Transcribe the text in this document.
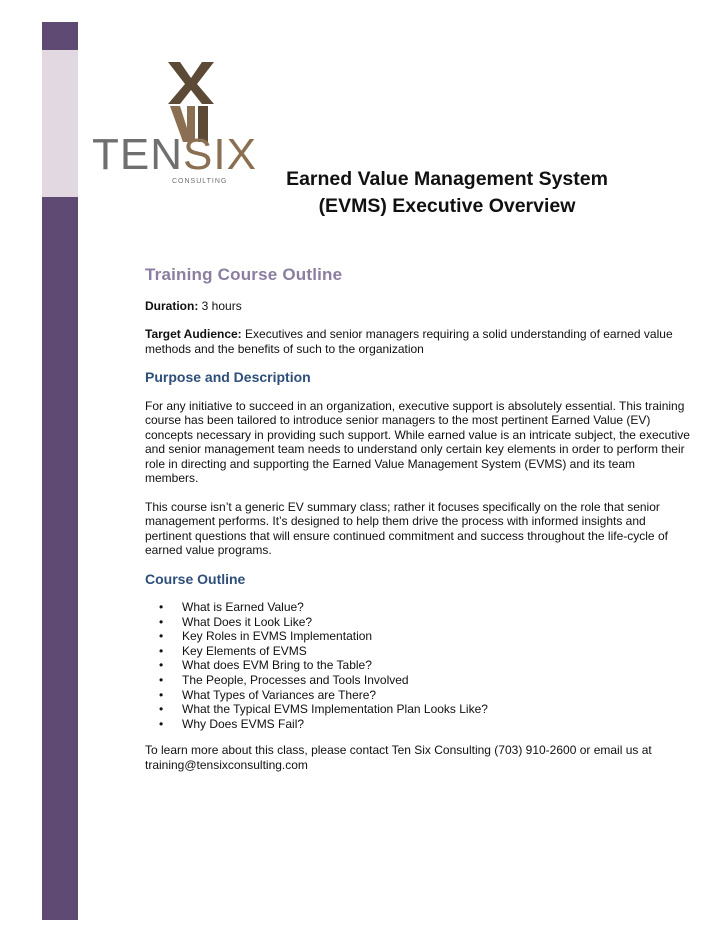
TENSIX
CONSULTING	Earned Value Management System
(EVMS) Executive Overview
Training Course Outline

Duration: 3 hours

Target Audience: Executives and senior managers requiring a solid understanding of earned value methods and the benefits of such to the organization

Purpose and Description

For any initiative to succeed in an organization, executive support is absolutely essential. This training course has been tailored to introduce senior managers to the most pertinent Earned Value (EV) concepts necessary in providing such support. While earned value is an intricate subject, the executive and senior management team needs to understand only certain key elements in order to perform their role in directing and supporting the Earned Value Management System (EVMS) and its team members.

This course isn’t a generic EV summary class; rather it focuses specifically on the role that senior management performs. It’s designed to help them drive the process with informed insights and pertinent questions that will ensure continued commitment and success throughout the life-cycle of earned value programs.

Course Outline
• What is Earned Value?
• What Does it Look Like?
• Key Roles in EVMS Implementation
• Key Elements of EVMS
• What does EVM Bring to the Table?
• The People, Processes and Tools Involved
• What Types of Variances are There?
• What the Typical EVMS Implementation Plan Looks Like?
• Why Does EVMS Fail?

To learn more about this class, please contact Ten Six Consulting (703) 910-2600 or email us at training@tensixconsulting.com
